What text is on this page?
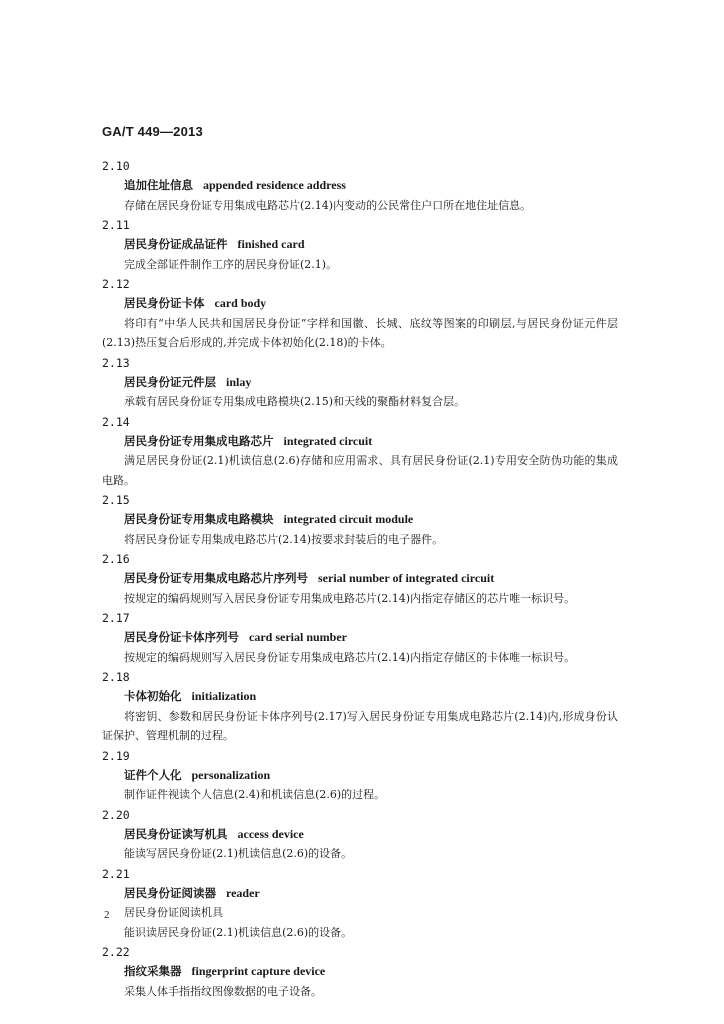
GA/T 449—2013
2.10
追加住址信息 appended residence address
存储在居民身份证专用集成电路芯片(2.14)内变动的公民常住户口所在地住址信息。
2.11
居民身份证成品证件 finished card
完成全部证件制作工序的居民身份证(2.1)。
2.12
居民身份证卡体 card body
将印有“中华人民共和国居民身份证”字样和国徽、长城、底纹等图案的印刷层,与居民身份证元件层(2.13)热压复合后形成的,并完成卡体初始化(2.18)的卡体。
2.13
居民身份证元件层 inlay
承载有居民身份证专用集成电路模块(2.15)和天线的聚酯材料复合层。
2.14
居民身份证专用集成电路芯片 integrated circuit
满足居民身份证(2.1)机读信息(2.6)存储和应用需求、具有居民身份证(2.1)专用安全防伪功能的集成电路。
2.15
居民身份证专用集成电路模块 integrated circuit module
将居民身份证专用集成电路芯片(2.14)按要求封装后的电子器件。
2.16
居民身份证专用集成电路芯片序列号 serial number of integrated circuit
按规定的编码规则写入居民身份证专用集成电路芯片(2.14)内指定存储区的芯片唯一标识号。
2.17
居民身份证卡体序列号 card serial number
按规定的编码规则写入居民身份证专用集成电路芯片(2.14)内指定存储区的卡体唯一标识号。
2.18
卡体初始化 initialization
将密钥、参数和居民身份证卡体序列号(2.17)写入居民身份证专用集成电路芯片(2.14)内,形成身份认证保护、管理机制的过程。
2.19
证件个人化 personalization
制作证件视读个人信息(2.4)和机读信息(2.6)的过程。
2.20
居民身份证读写机具 access device
能读写居民身份证(2.1)机读信息(2.6)的设备。
2.21
居民身份证阅读器 reader
居民身份证阅读机具
能识读居民身份证(2.1)机读信息(2.6)的设备。
2.22
指纹采集器 fingerprint capture device
采集人体手指指纹图像数据的电子设备。
2
